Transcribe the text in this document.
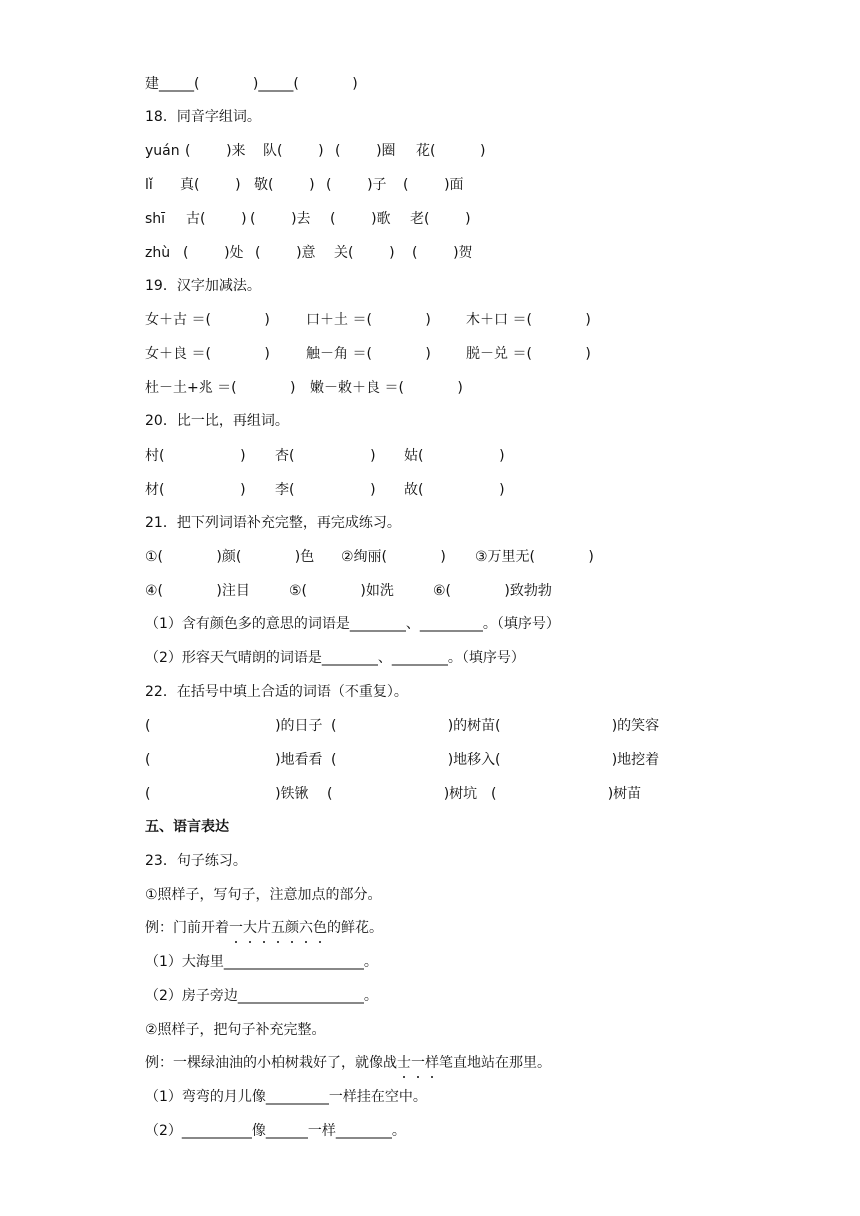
建_____(            )_____(            )
18．同音字组词。
yuán (        )来 队(        ) (        )圈 花(          )
lǐ 真(        ) 敬(        ) (        )子 (        )面
shī 古(        ) (        )去 (        )歌 老(        )
zhù (        )处 (        )意 关(        ) (        )贺
19．汉字加减法。
女＋古 ＝(            )	口＋土 ＝(            )	木＋口 ＝(            )
女＋良 ＝(            )	触－角 ＝(            )	脱－兑 ＝(            )
杜－土+兆 ＝(            ) 嫩－敕＋良 ＝(            )
20．比一比，再组词。
村(                 ) 杏(                 ) 姑(                 )
材(                 ) 李(                 ) 故(                 )
21．把下列词语补充完整，再完成练习。
①(            )颜(            )色 ②绚丽(            ) ③万里无(            )
④(            )注目	⑤(            )如洗	⑥(            )致勃勃
（1）含有颜色多的意思的词语是________、_________。（填序号）
（2）形容天气晴朗的词语是________、________。（填序号）
22．在括号中填上合适的词语（不重复）。
(                            )的日子 (                         )的树苗 (                         )的笑容
(                            )地看看 (                         )地移入 (                         )地挖着
(                            )铁锹 (                         )树坑 (                         )树苗
五、语言表达
23．句子练习。
①照样子，写句子，注意加点的部分。
例：门前开着一大片五颜六色的鲜花。
（1）大海里____________________。
（2）房子旁边__________________。
②照样子，把句子补充完整。
例：一棵绿油油的小柏树栽好了，就像战士一样笔直地站在那里。
（1）弯弯的月儿像_________一样挂在空中。
（2）__________像______一样________。
